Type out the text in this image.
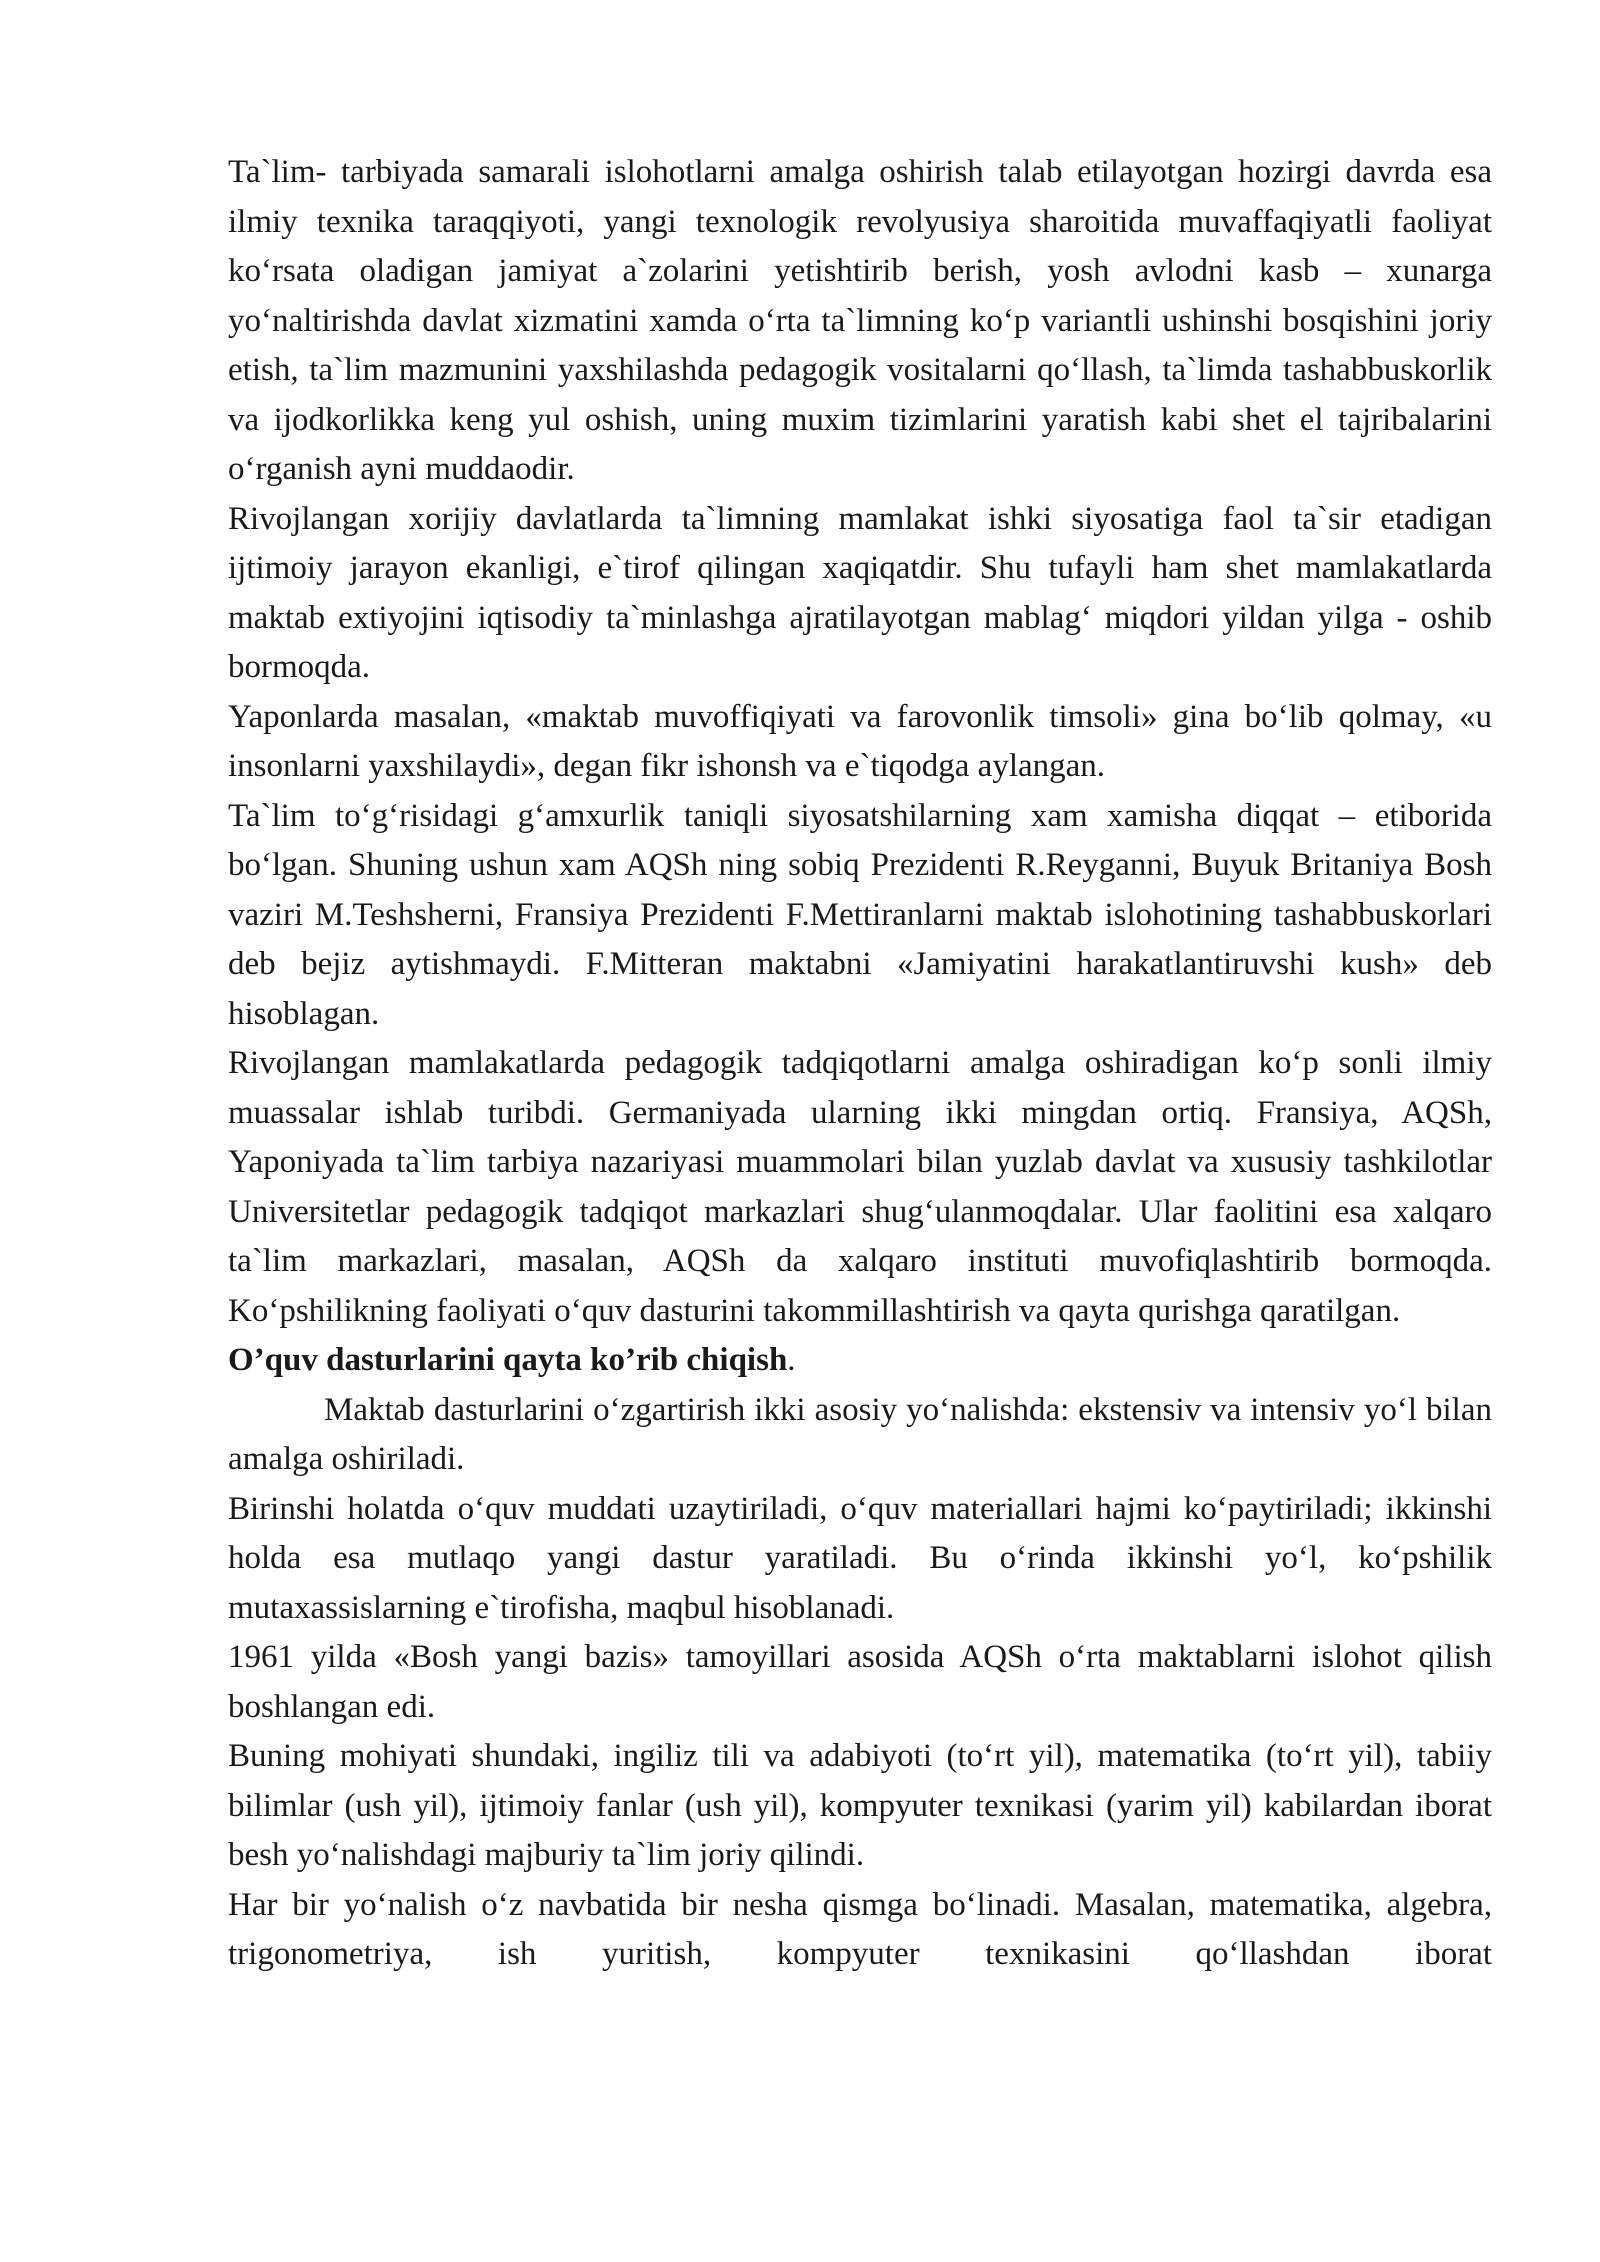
Ta`lim- tarbiyada samarali islohotlarni amalga oshirish talab etilayotgan hozirgi davrda esa ilmiy texnika taraqqiyoti, yangi texnologik revolyusiya sharoitida muvaffaqiyatli faoliyat ko‘rsata oladigan jamiyat a`zolarini yetishtirib berish, yosh avlodni kasb – xunarga yo‘naltirishda davlat xizmatini xamda o‘rta ta`limning ko‘p variantli ushinshi bosqishini joriy etish, ta`lim mazmunini yaxshilashda pedagogik vositalarni qo‘llash, ta`limda tashabbuskorlik va ijodkorlikka keng yul oshish, uning muxim tizimlarini yaratish kabi shet el tajribalarini o‘rganish ayni muddaodir.

Rivojlangan xorijiy davlatlarda ta`limning mamlakat ishki siyosatiga faol ta`sir etadigan ijtimoiy jarayon ekanligi, e`tirof qilingan xaqiqatdir. Shu tufayli ham shet mamlakatlarda maktab extiyojini iqtisodiy ta`minlashga ajratilayotgan mablag‘ miqdori yildan yilga - oshib bormoqda.

Yaponlarda masalan, «maktab muvoffiqiyati va farovonlik timsoli» gina bo‘lib qolmay, «u insonlarni yaxshilaydi», degan fikr ishonsh va e`tiqodga aylangan.

Ta`lim to‘g‘risidagi g‘amxurlik taniqli siyosatshilarning xam xamisha diqqat – etiborida bo‘lgan. Shuning ushun xam AQSh ning sobiq Prezidenti R.Reyganni, Buyuk Britaniya Bosh vaziri M.Teshsherni, Fransiya Prezidenti F.Mettiranlarni maktab islohotining tashabbuskorlari deb bejiz aytishmaydi. F.Mitteran maktabni «Jamiyatini harakatlantiruvshi kush» deb hisoblagan.

Rivojlangan mamlakatlarda pedagogik tadqiqotlarni amalga oshiradigan ko‘p sonli ilmiy muassalar ishlab turibdi. Germaniyada ularning ikki mingdan ortiq. Fransiya, AQSh, Yaponiyada ta`lim tarbiya nazariyasi muammolari bilan yuzlab davlat va xususiy tashkilotlar Universitetlar pedagogik tadqiqot markazlari shug‘ulanmoqdalar. Ular faolitini esa xalqaro ta`lim markazlari, masalan, AQSh da xalqaro instituti muvofiqlashtirib bormoqda. Ko‘pshilikning faoliyati o‘quv dasturini takommillashtirish va qayta qurishga qaratilgan.

O’quv dasturlarini qayta ko’rib chiqish.

Maktab dasturlarini o‘zgartirish ikki asosiy yo‘nalishda: ekstensiv va intensiv yo‘l bilan amalga oshiriladi.

Birinshi holatda o‘quv muddati uzaytiriladi, o‘quv materiallari hajmi ko‘paytiriladi; ikkinshi holda esa mutlaqo yangi dastur yaratiladi. Bu o‘rinda ikkinshi yo‘l, ko‘pshilik mutaxassislarning e`tirofisha, maqbul hisoblanadi.

1961 yilda «Bosh yangi bazis» tamoyillari asosida AQSh o‘rta maktablarni islohot qilish boshlangan edi.

Buning mohiyati shundaki, ingiliz tili va adabiyoti (to‘rt yil), matematika (to‘rt yil), tabiiy bilimlar (ush yil), ijtimoiy fanlar (ush yil), kompyuter texnikasi (yarim yil) kabilardan iborat besh yo‘nalishdagi majburiy ta`lim joriy qilindi.

Har bir yo‘nalish o‘z navbatida bir nesha qismga bo‘linadi. Masalan, matematika, algebra, trigonometriya, ish yuritish, kompyuter texnikasini qo‘llashdan iborat
